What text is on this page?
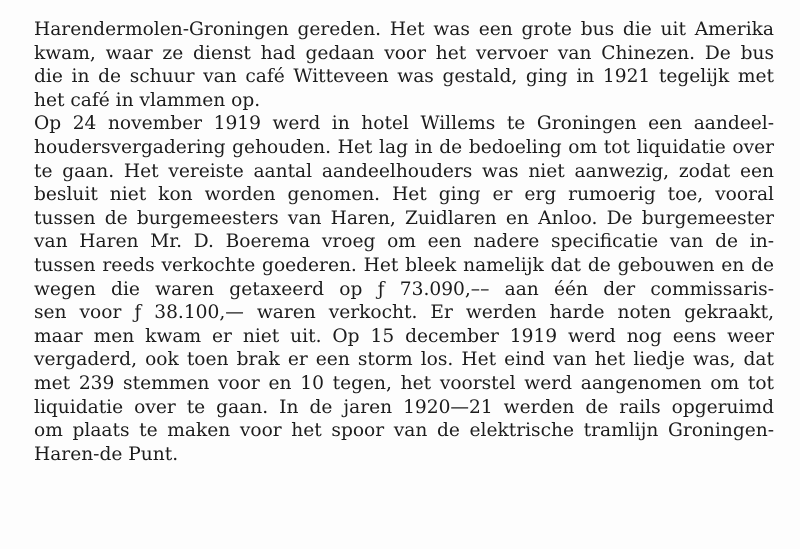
Harendermolen-Groningen gereden. Het was een grote bus die uit Amerika
kwam, waar ze dienst had gedaan voor het vervoer van Chinezen. De bus
die in de schuur van café Witteveen was gestald, ging in 1921 tegelijk met
het café in vlammen op.
Op 24 november 1919 werd in hotel Willems te Groningen een aandeel-
houdersvergadering gehouden. Het lag in de bedoeling om tot liquidatie over
te gaan. Het vereiste aantal aandeelhouders was niet aanwezig, zodat een
besluit niet kon worden genomen. Het ging er erg rumoerig toe, vooral
tussen de burgemeesters van Haren, Zuidlaren en Anloo. De burgemeester
van Haren Mr. D. Boerema vroeg om een nadere specificatie van de in-
tussen reeds verkochte goederen. Het bleek namelijk dat de gebouwen en de
wegen die waren getaxeerd op ƒ 73.090,–– aan één der commissaris-
sen voor ƒ 38.100,— waren verkocht. Er werden harde noten gekraakt,
maar men kwam er niet uit. Op 15 december 1919 werd nog eens weer
vergaderd, ook toen brak er een storm los. Het eind van het liedje was, dat
met 239 stemmen voor en 10 tegen, het voorstel werd aangenomen om tot
liquidatie over te gaan. In de jaren 1920—21 werden de rails opgeruimd
om plaats te maken voor het spoor van de elektrische tramlijn Groningen-
Haren-de Punt.
